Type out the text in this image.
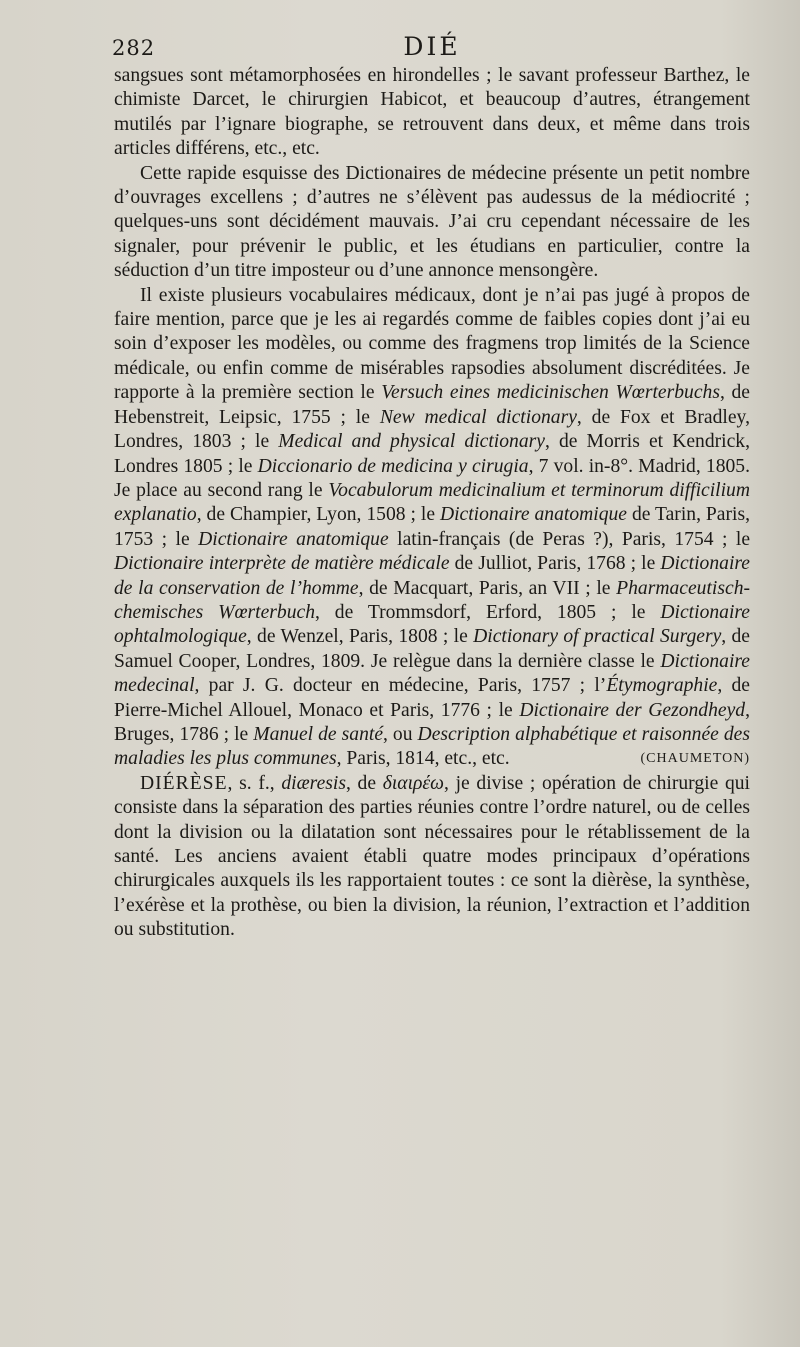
282	DIÉ

sangsues sont métamorphosées en hirondelles ; le savant professeur Barthez, le chimiste Darcet, le chirurgien Habicot, et beaucoup d’autres, étrangement mutilés par l’ignare biographe, se retrouvent dans deux, et même dans trois articles différens, etc., etc.

Cette rapide esquisse des Dictionaires de médecine présente un petit nombre d’ouvrages excellens ; d’autres ne s’élèvent pas audessus de la médiocrité ; quelques-uns sont décidément mauvais. J’ai cru cependant nécessaire de les signaler, pour prévenir le public, et les étudians en particulier, contre la séduction d’un titre imposteur ou d’une annonce mensongère.

Il existe plusieurs vocabulaires médicaux, dont je n’ai pas jugé à propos de faire mention, parce que je les ai regardés comme de faibles copies dont j’ai eu soin d’exposer les modèles, ou comme des fragmens trop limités de la Science médicale, ou enfin comme de misérables rapsodies absolument discréditées. Je rapporte à la première section le Versuch eines medicinischen Wœrterbuchs, de Hebenstreit, Leipsic, 1755 ; le New medical dictionary, de Fox et Bradley, Londres, 1803 ; le Medical and physical dictionary, de Morris et Kendrick, Londres 1805 ; le Diccionario de medicina y cirugia, 7 vol. in-8°. Madrid, 1805. Je place au second rang le Vocabulorum medicinalium et terminorum difficilium explanatio, de Champier, Lyon, 1508 ; le Dictionaire anatomique de Tarin, Paris, 1753 ; le Dictionaire anatomique latin-français (de Peras ?), Paris, 1754 ; le Dictionaire interprète de matière médicale de Julliot, Paris, 1768 ; le Dictionaire de la conservation de l’homme, de Macquart, Paris, an VII ; le Pharmaceutisch-chemisches Wœrterbuch, de Trommsdorf, Erford, 1805 ; le Dictionaire ophtalmologique, de Wenzel, Paris, 1808 ; le Dictionary of practical Surgery, de Samuel Cooper, Londres, 1809. Je relègue dans la dernière classe le Dictionaire medecinal, par J. G. docteur en médecine, Paris, 1757 ; l’Étymographie, de Pierre-Michel Allouel, Monaco et Paris, 1776 ; le Dictionaire der Gezondheyd, Bruges, 1786 ; le Manuel de santé, ou Description alphabétique et raisonnée des maladies les plus communes, Paris, 1814, etc., etc.	(CHAUMETON)

DIÉRÈSE, s. f., diæresis, de διαιρέω, je divise ; opération de chirurgie qui consiste dans la séparation des parties réunies contre l’ordre naturel, ou de celles dont la division ou la dilatation sont nécessaires pour le rétablissement de la santé. Les anciens avaient établi quatre modes principaux d’opérations chirurgicales auxquels ils les rapportaient toutes : ce sont la dièrèse, la synthèse, l’exérèse et la prothèse, ou bien la division, la réunion, l’extraction et l’addition ou substitution.
